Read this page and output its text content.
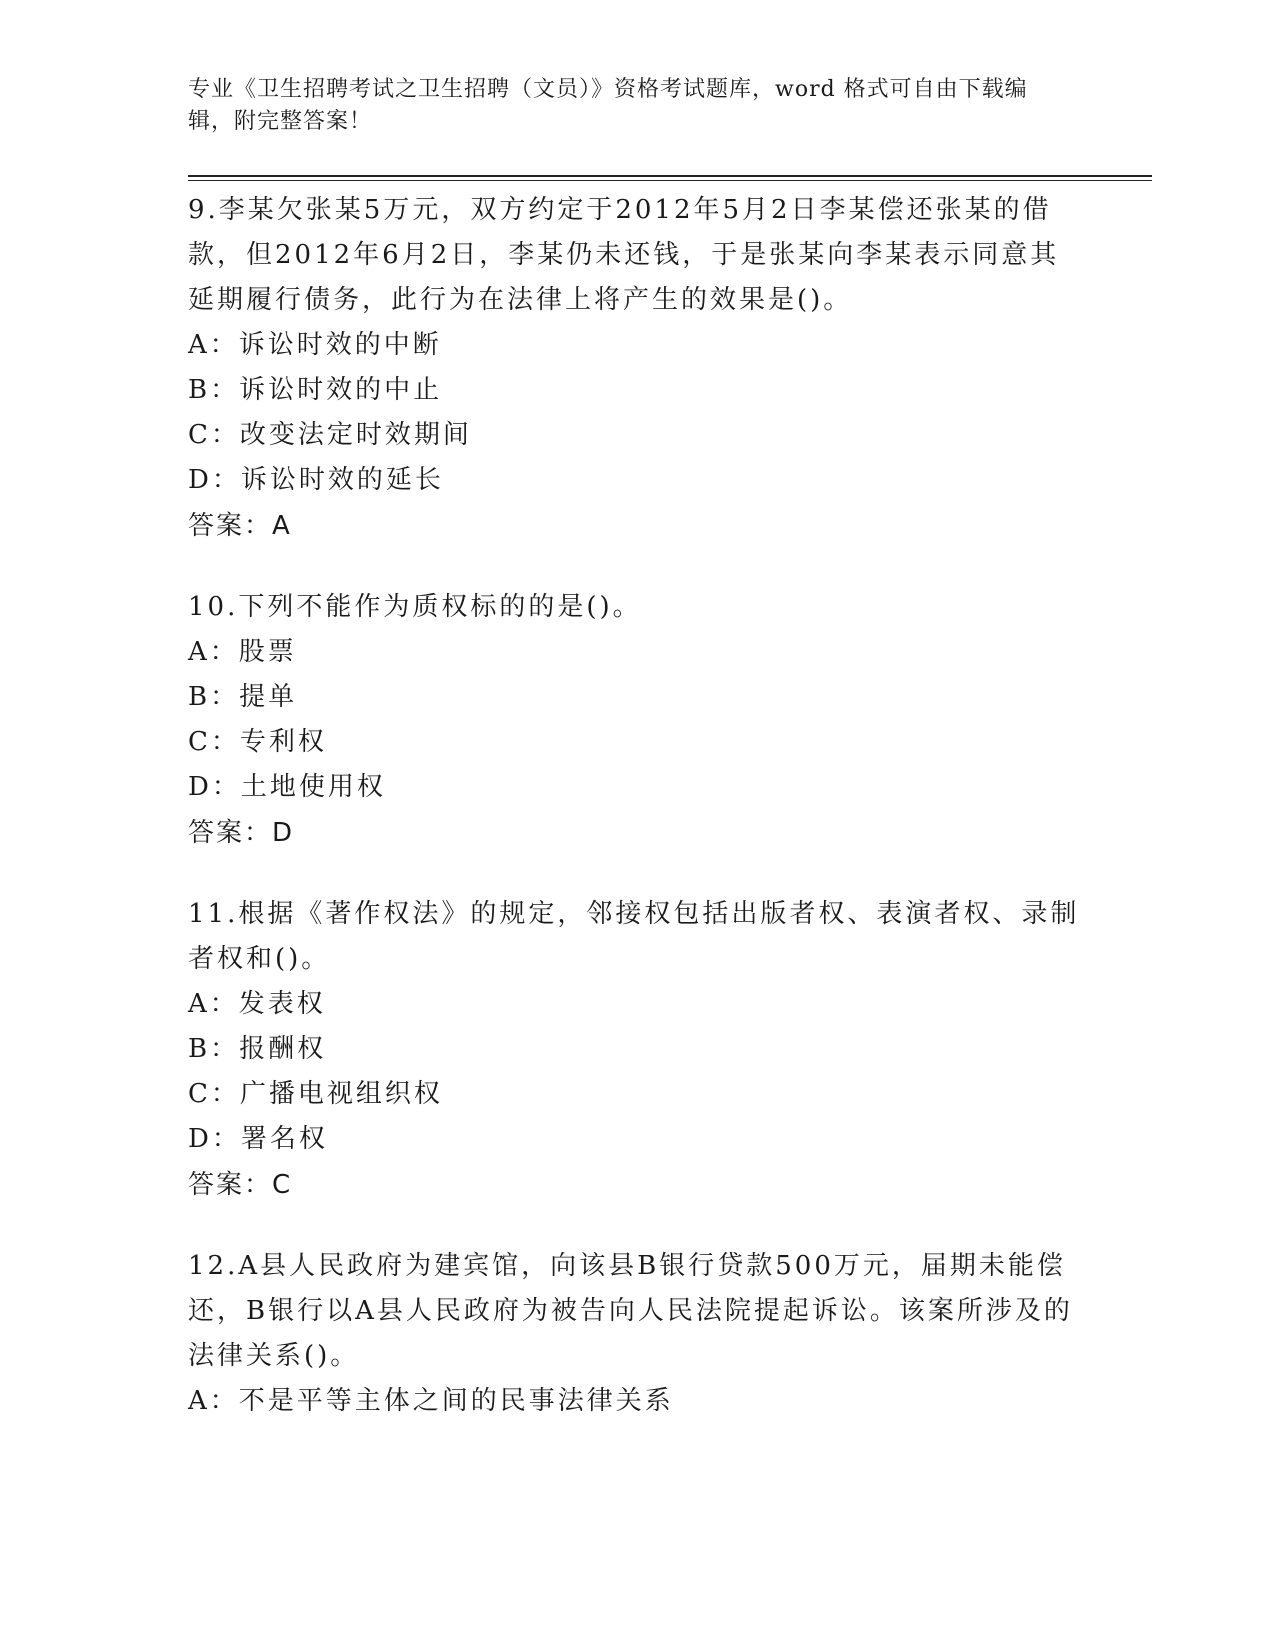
专业《卫生招聘考试之卫生招聘（文员）》资格考试题库，word 格式可自由下载编辑，附完整答案！

9.李某欠张某5万元，双方约定于2012年5月2日李某偿还张某的借款，但2012年6月2日，李某仍未还钱，于是张某向李某表示同意其延期履行债务，此行为在法律上将产生的效果是()。

A：诉讼时效的中断

B：诉讼时效的中止

C：改变法定时效期间

D：诉讼时效的延长

答案：A

10.下列不能作为质权标的的是()。

A：股票

B：提单

C：专利权

D：土地使用权

答案：D

11.根据《著作权法》的规定，邻接权包括出版者权、表演者权、录制者权和()。

A：发表权

B：报酬权

C：广播电视组织权

D：署名权

答案：C

12.A县人民政府为建宾馆，向该县B银行贷款500万元，届期未能偿还，B银行以A县人民政府为被告向人民法院提起诉讼。该案所涉及的法律关系()。

A：不是平等主体之间的民事法律关系
